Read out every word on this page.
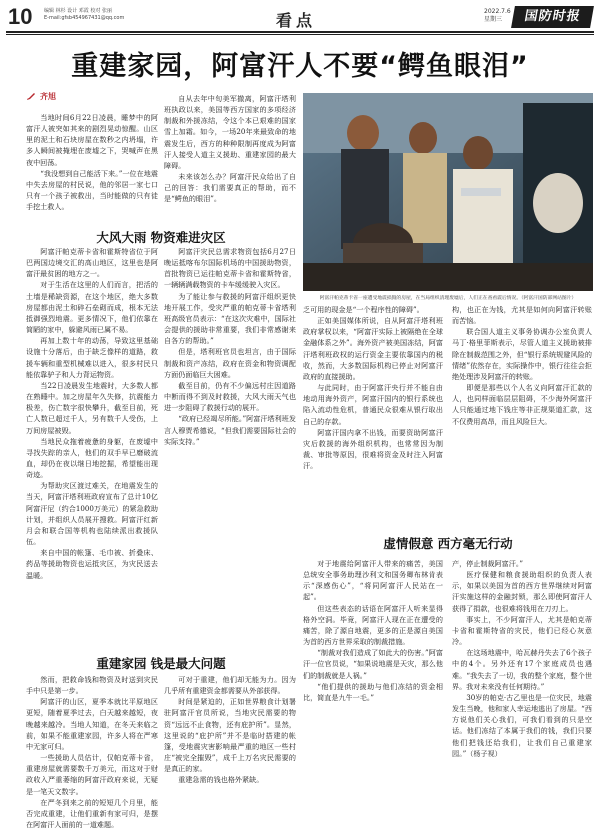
10 编辑 林杉 设计 邓霞 校对 张丽
E-mail:gfsb454967431@qq.com	看点	2022.7.6
星期三	国防时报
重建家园，阿富汗人不要“鳄鱼眼泪”
齐旭

当地时间6月22日凌晨，睡梦中的阿富汗人被突如其来的剧烈晃动惊醒。山区里的泥土和石块房屋在数秒之内坍塌，许多人瞬间被掩埋在废墟之下，哭喊声在黑夜中回荡。

“我没想到自己能活下来。”一位在地震中失去房屋的村民说，他的邻居一家七口只有一个孩子被救出，当时能做的只有徒手挖土救人。

自从去年中旬美军撤离，阿富汗塔利班执政以来，美国等西方国家的多项经济制裁和外援冻结，令这个本已艰难的国家雪上加霜。如今，一场20年来最致命的地震发生后，西方的种种限制再度成为阿富汗人接受人道主义援助、重建家园的最大障碍。

未来该怎么办？阿富汗民众给出了自己的回答：我们需要真正的帮助，而不是“鳄鱼的眼泪”。

大风大雨 物资难进灾区

阿富汗帕克蒂卡省和霍斯特省位于阿巴两国边境交汇的高山地区，这里也是阿富汗最贫困的地方之一。

对于生活在这里的人们而言，把活的土墙是稀缺资源，在这个地区，绝大多数房屋都由泥土和碎石垒砌而成，根本无法抵御强烈地震。更多情况下，他们依靠在简陋的家中，躲避风雨已属不易。

再加上数十年的动荡，导致这里基础设施十分落后，由于缺乏像样的道路，救援车辆和重型机械难以进入，很多村民只能依靠驴子和人力背运物资。

当22日凌晨发生地震时，大多数人都在熟睡中。加之房屋年久失修，抗震能力极差，伤亡数字很快攀升，截至目前，死亡人数已超过千人，另有数千人受伤，上万间房屋被毁。

当地民众拖着疲惫的身躯，在废墟中寻找失踪的亲人，他们的双手早已磨破流血，却仍在夜以继日地挖掘，希望能出现奇迹。

为帮助灾区渡过难关，在地震发生的当天，阿富汗塔利班政府宣布了总计10亿阿富汗尼（约合1000万美元）的紧急救助计划，并组织人员展开搜救。阿富汗红新月会和联合国等机构也陆续派出救援队伍。

来自中国的帐篷、毛巾被、折叠床、药品等援助物资也运抵灾区，为灾民送去温暖。

阿富汗灾民总需求物资包括6月27日晚运抵喀布尔国际机场的中国援助物资，首批物资已运往帕克蒂卡省和霍斯特省，一辆辆满载物资的卡车缓缓驶入灾区。

为了能让参与救援的阿富汗组织更快地开展工作，受灾严重的帕克蒂卡省塔利班高级官员表示：“在这次灾难中，国际社会提供的援助非常重要，我们非常感谢来自各方的帮助。”

但是，塔利班官员也坦言，由于国际制裁和资产冻结，政府在资金和物资调配方面仍面临巨大困难。

截至目前，仍有不少偏远村庄因道路中断而得不到及时救援，大风大雨天气也进一步阻碍了救援行动的展开。

“政府已经竭尽所能。”阿富汗塔利班发言人穆贾希德说，“但我们需要国际社会的实际支持。”

重建家园 钱是最大问题

然而，把救命钱和物资及时送到灾民手中只是第一步。

阿富汗的山区，夏季本就比平原地区更短，随着夏季过去，白天越来越短，夜晚越来越冷。当地人知道，在冬天来临之前，如果不能重建家园，许多人将在严寒中无家可归。

一些援助人员估计，仅帕克蒂卡省，重建房屋就需要数千万美元，而这对于财政收入严重萎缩的阿富汗政府来说，无疑是一笔天文数字。

在严冬到来之前的短短几个月里，能否完成重建，让他们重新有家可归，是摆在阿富汗人面前的一道难题。

可对于重建，他们却无能为力。因为几乎所有重建资金都需要从外部获得。

时间是紧迫的，正如世界粮食计划署驻阿富汗官员所说，当地灾民需要的物资“远远不止食物，还有庇护所”。显然，这里说的“庇护所”并不是临时搭建的帐篷，受地震灾害影响最严重的地区一些村庄“被完全摧毁”，成千上万名灾民需要的是真正的家。

重建急需的钱也格外紧缺。

阿富汗帕克蒂卡省一座遭受地震损毁的房屋，在当局组织清理废墟后，人们正在查看震后情况。（阿富汗国防部网站图片）

乏可用的现金是“一个程序性的障碍”。

正如美国媒体所说，自从阿富汗塔利班政府掌权以来，“阿富汗实际上被隔绝在全球金融体系之外”。海外资产被美国冻结，阿富汗塔利班政权的运行资金主要依靠国内的税收，然而，大多数国际机构已停止对阿富汗政府的直接援助。

与此同时，由于阿富汗央行并不能自由地动用海外资产，阿富汗国内的银行系统也陷入流动性危机，普通民众很难从银行取出自己的存款。

阿富汗国内拿不出钱，而要资助阿富汗灾后救援的海外组织机构，也常常因为制裁、审批等原因，很难将资金及时注入阿富汗。

构，也正在为钱，尤其是如何向阿富汗转账而苦恼。

联合国人道主义事务协调办公室负责人马丁·格里菲斯表示，尽管人道主义援助被排除在制裁范围之外，但“银行系统规避风险的情绪”依然存在，实际操作中，银行往往会拒绝处理涉及阿富汗的转账。

即便是那些以个人名义向阿富汗汇款的人，也同样面临层层阻碍，不少海外阿富汗人只能通过地下钱庄等非正规渠道汇款，这不仅费用高昂，而且风险巨大。

虚情假意 西方毫无行动

对于地震给阿富汗人带来的痛苦，美国总统安全事务助理沙利文和国务卿布林肯表示“深感伤心”，“将同阿富汗人民站在一起”。

但这些表态的话语在阿富汗人听来显得格外空洞。毕竟，阿富汗人现在正在遭受的痛苦，除了源自地震，更多的正是源自美国为首的西方世界采取的制裁措施。

“制裁对我们造成了如此大的伤害。”阿富汗一位官员说，“如果说地震是天灾，那么他们的制裁就是人祸。”

“他们提供的援助与他们冻结的资金相比，简直是九牛一毛。”

产，停止制裁阿富汗。”

医疗保健和粮食援助组织的负责人表示，如果以美国为首的西方世界继续对阿富汗实施这样的金融封锁，那么即使阿富汗人获得了捐款，也很难将钱用在刀刃上。

事实上，不少阿富汗人，尤其是帕克蒂卡省和霍斯特省的灾民，他们已经心灰意冷。

在这场地震中，哈瓦赫丹失去了6个孩子中的4个。另外还有17个家庭成员也遇难。“我失去了一切，我的整个家庭，整个世界。我对未来没有任何期待。”

30岁的帕克·古乙里也是一位灾民，地震发生当晚，他和家人幸运地逃出了房屋。“西方说他们关心我们，可我们看到的只是空话。他们冻结了本属于我们的钱，我们只要他们把钱还给我们，让我们自己重建家园。”（杨子视）
